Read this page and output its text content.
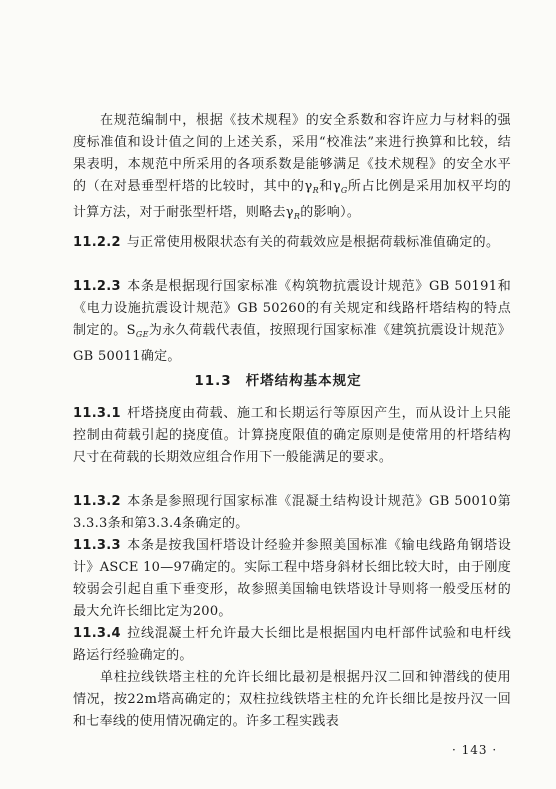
在规范编制中，根据《技术规程》的安全系数和容许应力与材料的强度标准值和设计值之间的上述关系，采用“校准法”来进行换算和比较，结果表明，本规范中所采用的各项系数是能够满足《技术规程》的安全水平的（在对悬垂型杆塔的比较时，其中的$\gamma_R$和$\gamma_G$所占比例是采用加权平均的计算方法，对于耐张型杆塔，则略去$\gamma_R$的影响）。

11.2.2 与正常使用极限状态有关的荷载效应是根据荷载标准值确定的。

11.2.3 本条是根据现行国家标准《构筑物抗震设计规范》GB 50191和《电力设施抗震设计规范》GB 50260的有关规定和线路杆塔结构的特点制定的。$S_{GE}$为永久荷载代表值，按照现行国家标准《建筑抗震设计规范》GB 50011确定。

11.3 杆塔结构基本规定

11.3.1 杆塔挠度由荷载、施工和长期运行等原因产生，而从设计上只能控制由荷载引起的挠度值。计算挠度限值的确定原则是使常用的杆塔结构尺寸在荷载的长期效应组合作用下一般能满足的要求。

11.3.2 本条是参照现行国家标准《混凝土结构设计规范》GB 50010第3.3.3条和第3.3.4条确定的。

11.3.3 本条是按我国杆塔设计经验并参照美国标准《输电线路角钢塔设计》ASCE 10—97确定的。实际工程中塔身斜材长细比较大时，由于刚度较弱会引起自重下垂变形，故参照美国输电铁塔设计导则将一般受压材的最大允许长细比定为200。

11.3.4 拉线混凝土杆允许最大长细比是根据国内电杆部件试验和电杆线路运行经验确定的。

单柱拉线铁塔主柱的允许长细比最初是根据丹汉二回和钟潜线的使用情况，按22m塔高确定的；双柱拉线铁塔主柱的允许长细比是按丹汉一回和七奉线的使用情况确定的。许多工程实践表

· 143 ·
